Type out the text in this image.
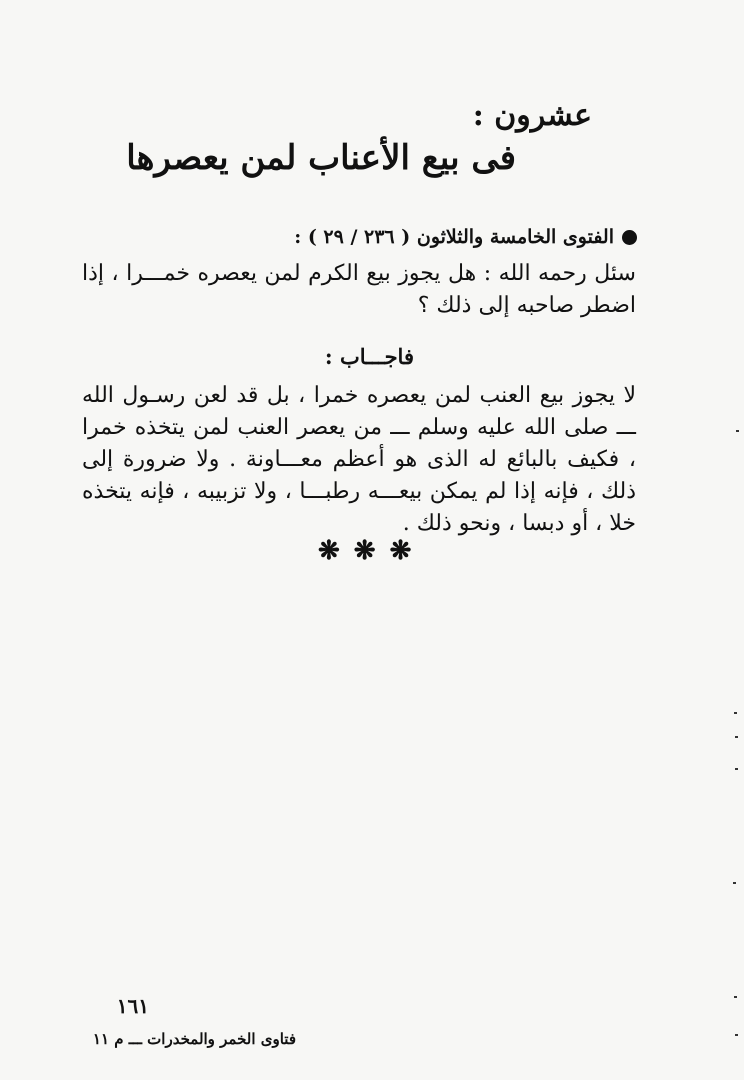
عشرون :
فى بيع الأعناب لمن يعصرها
الفتوى الخامسة والثلاثون ( ٢٣٦ / ٢٩ ) :
سئل رحمه الله : هل يجوز بيع الكرم لمن يعصره خمـــرا ، إذا اضطر صاحبه إلى ذلك ؟
فاجـــاب :
لا يجوز بيع العنب لمن يعصره خمرا ، بل قد لعن رسـول الله ـــ صلى الله عليه وسلم ـــ من يعصر العنب لمن يتخذه خمرا ، فكيف بالبائع له الذى هو أعظم معـــاونة . ولا ضرورة إلى ذلك ، فإنه إذا لم يمكن بيعـــه رطبـــا ، ولا تزبيبه ، فإنه يتخذه خلا ، أو دبسا ، ونحو ذلك .
❋❋❋
١٦١
فتاوى الخمر والمخدرات ـــ م ١١
